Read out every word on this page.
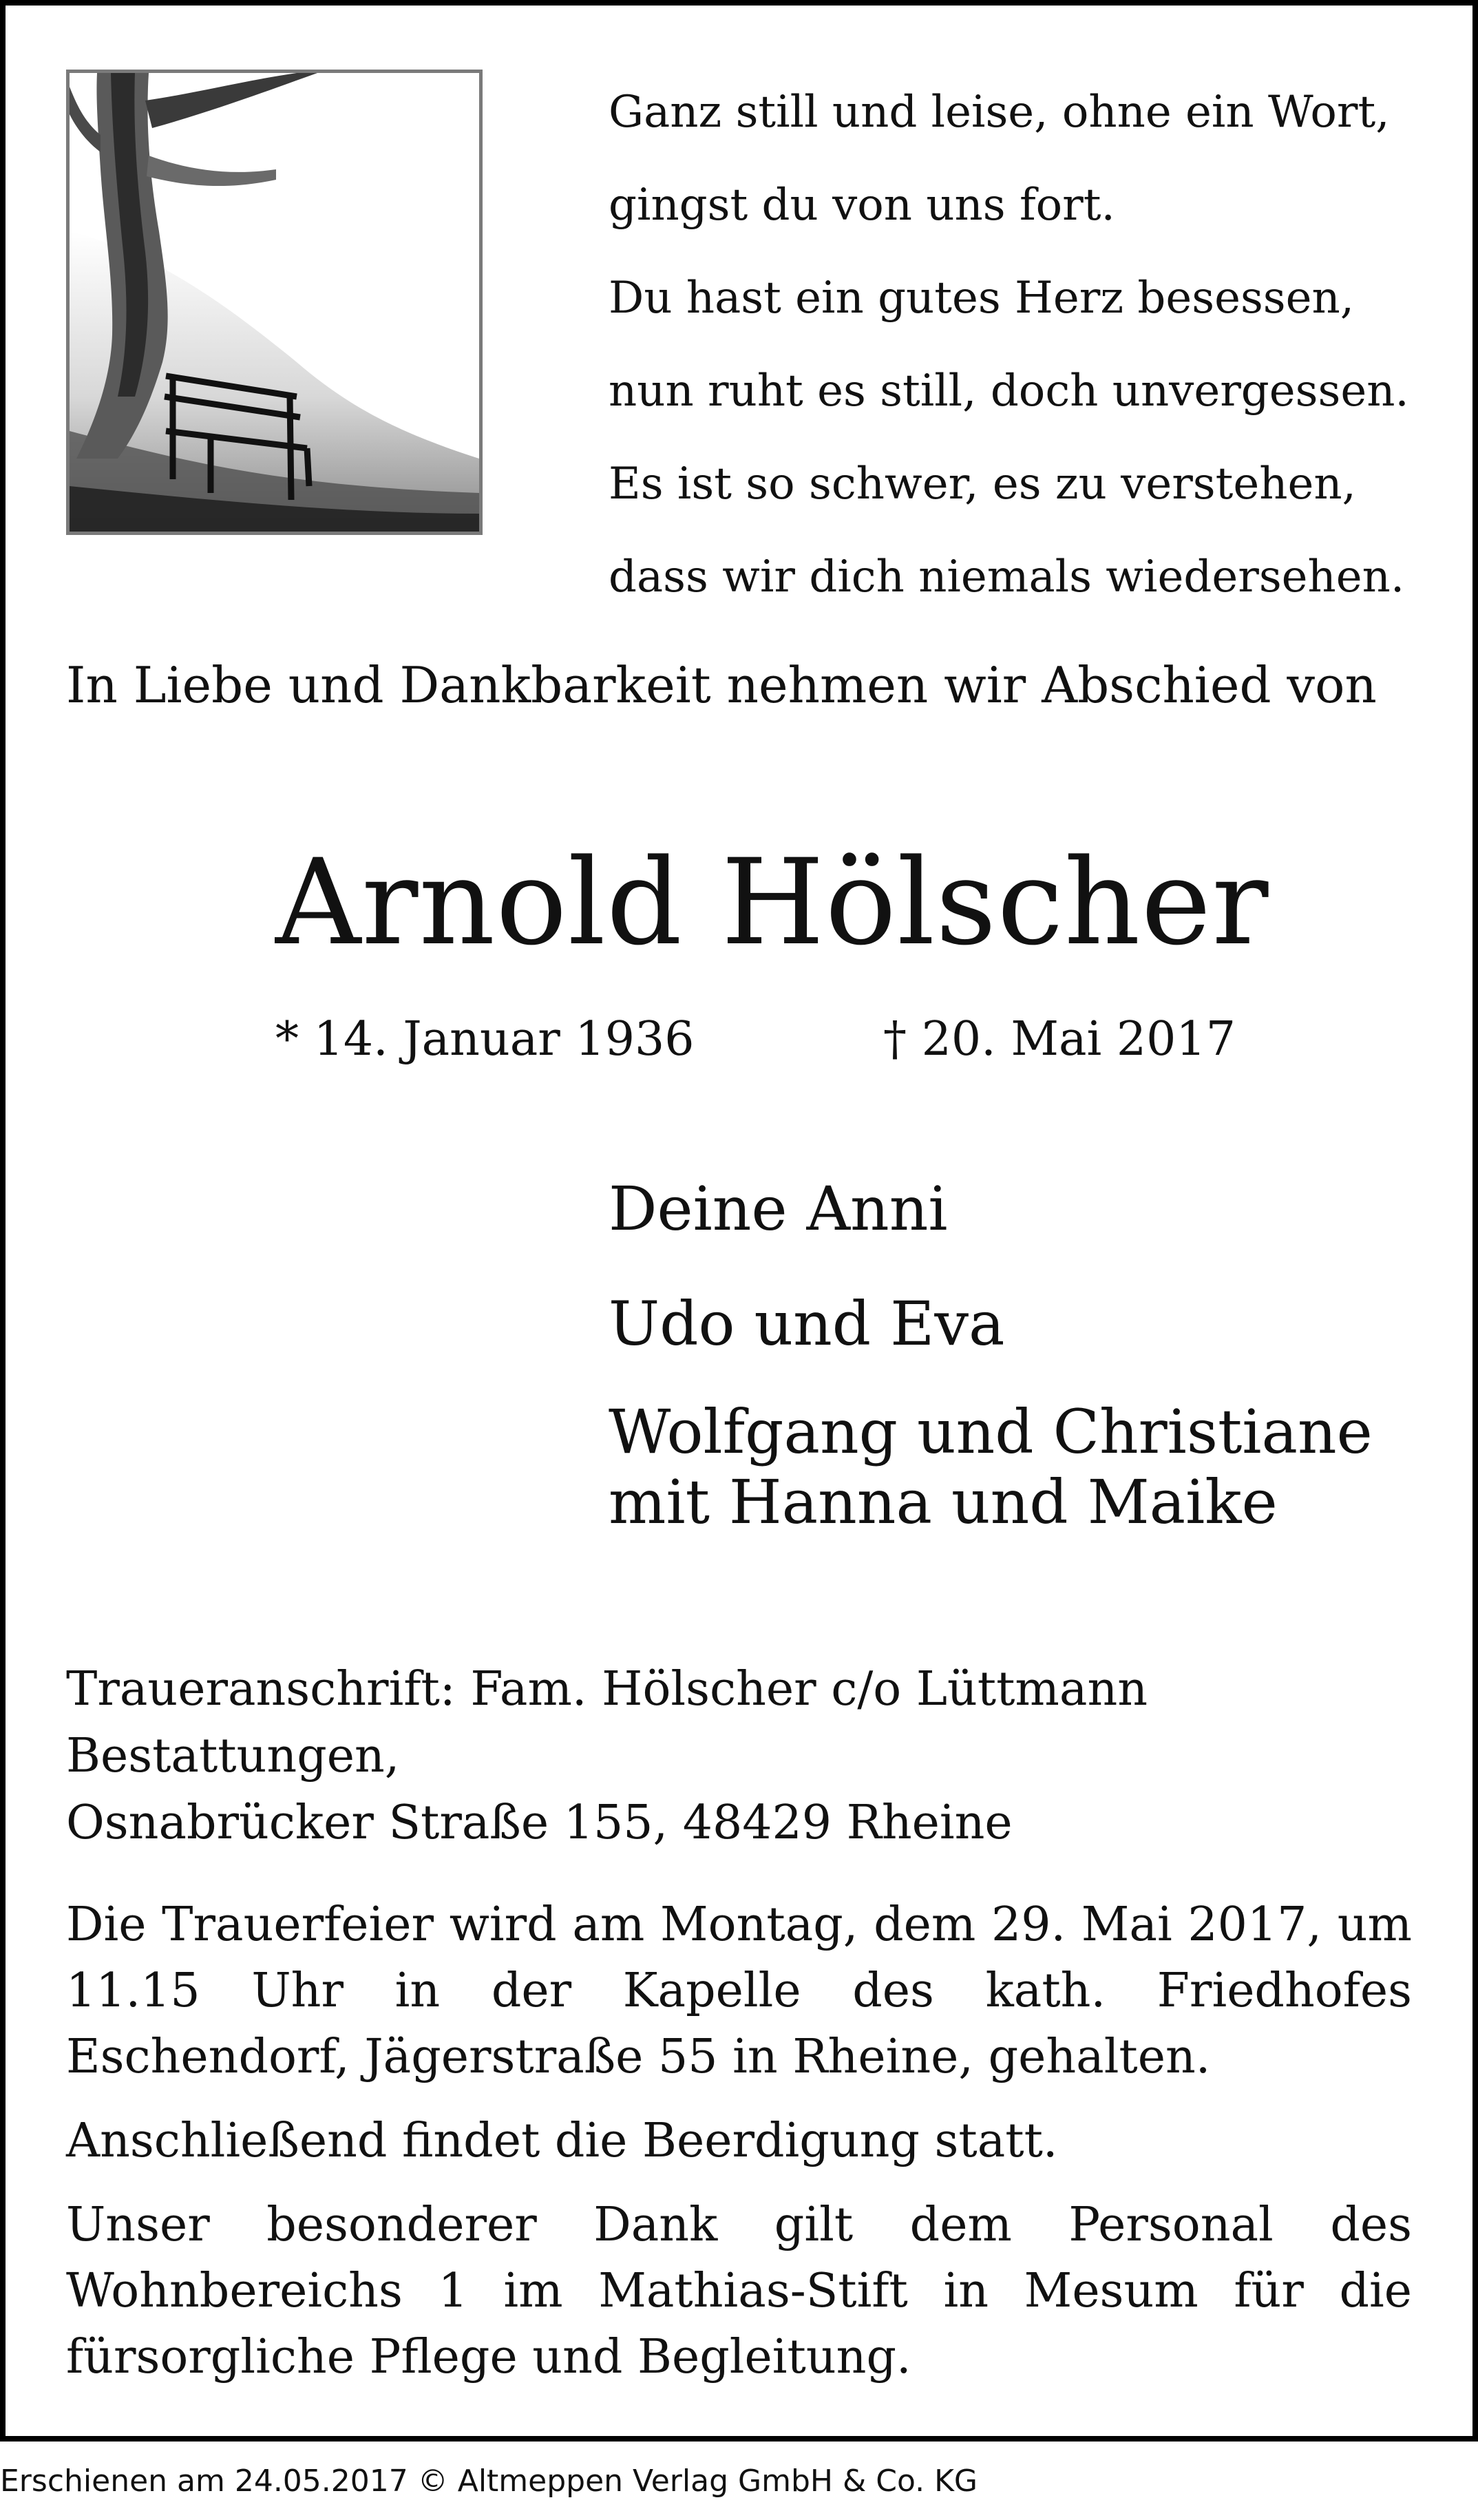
Ganz still und leise, ohne ein Wort,
gingst du von uns fort.
Du hast ein gutes Herz besessen,
nun ruht es still, doch unvergessen.
Es ist so schwer, es zu verstehen,
dass wir dich niemals wiedersehen.
In Liebe und Dankbarkeit nehmen wir Abschied von
Arnold Hölscher
* 14. Januar 1936	† 20. Mai 2017
Deine Anni
Udo und Eva
Wolfgang und Christiane
mit Hanna und Maike
Traueranschrift: Fam. Hölscher c/o Lüttmann Bestattungen,
Osnabrücker Straße 155, 48429 Rheine
Die Trauerfeier wird am Montag, dem 29. Mai 2017, um 11.15 Uhr in der Kapelle des kath. Friedhofes Eschendorf, Jägerstraße 55 in Rheine, gehalten.
Anschließend findet die Beerdigung statt.
Unser besonderer Dank gilt dem Personal des Wohnbereichs 1 im Mathias-Stift in Mesum für die fürsorgliche Pflege und Begleitung.
Erschienen am 24.05.2017 © Altmeppen Verlag GmbH & Co. KG
